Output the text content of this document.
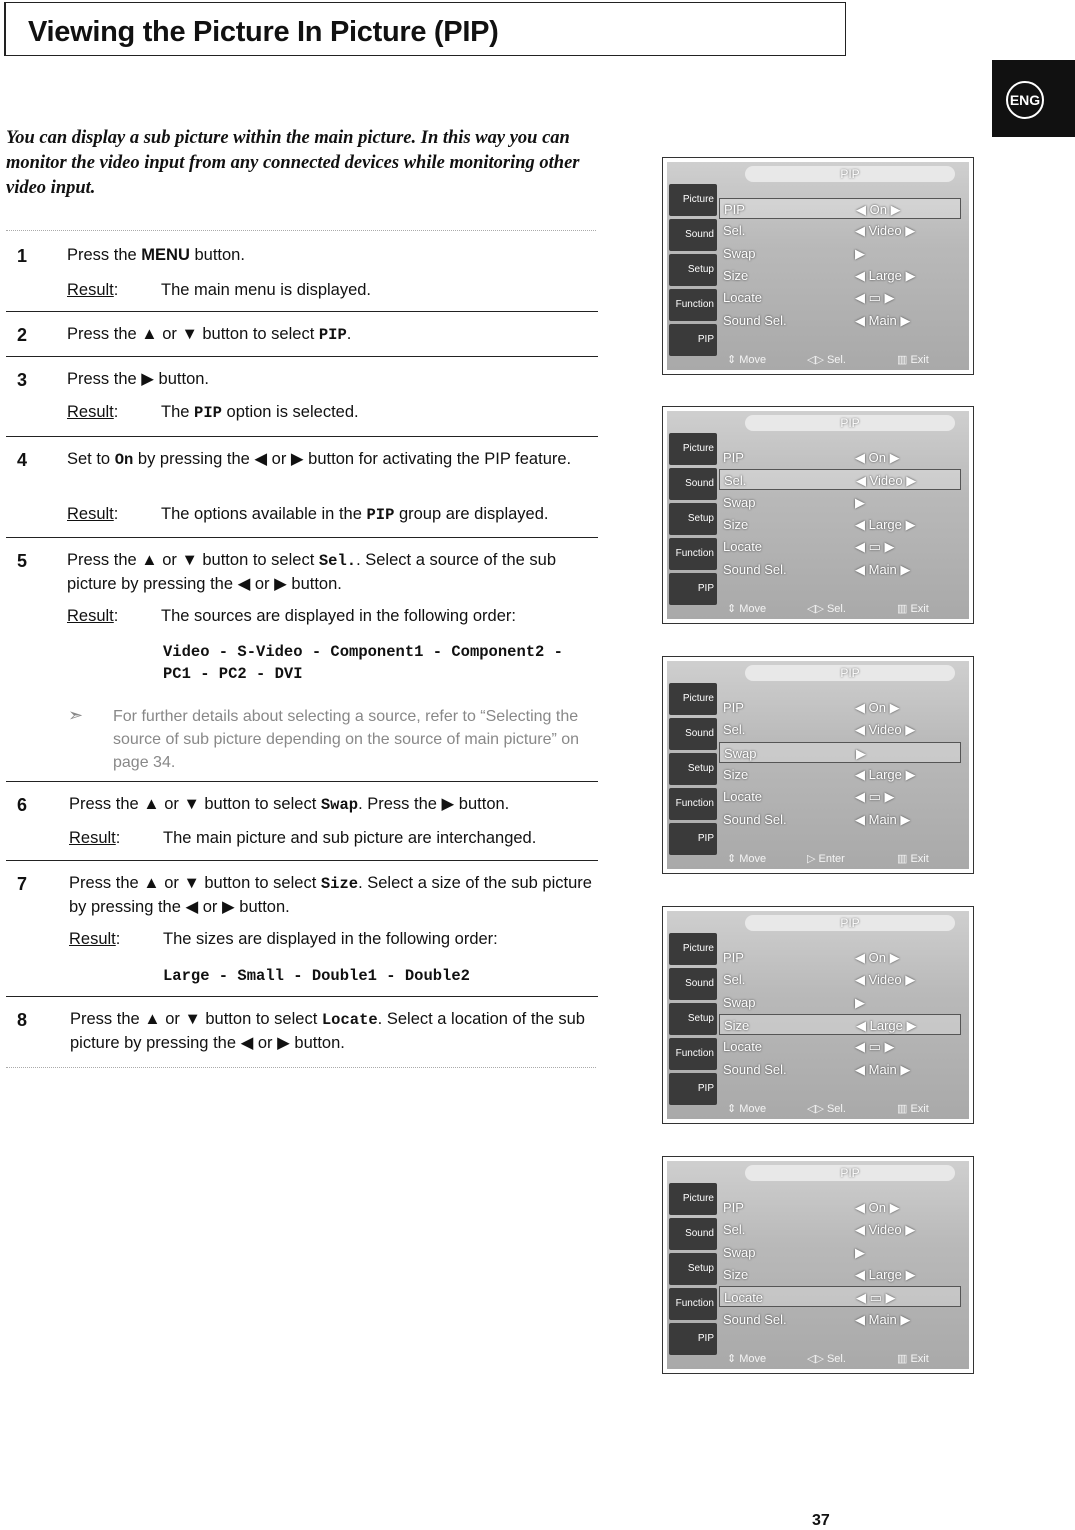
Viewing the Picture In Picture (PIP)
ENG
You can display a sub picture within the main picture. In this way you can monitor the video input from any connected devices while monitoring other video input.
1 Press the MENU button.
Result:	The main menu is displayed.
2 Press the ▲ or ▼ button to select PIP.
3 Press the ▶ button.
Result:	The PIP option is selected.
4 Set to On by pressing the ◀ or ▶ button for activating the PIP feature.
Result:	The options available in the PIP group are displayed.
5 Press the ▲ or ▼ button to select Sel.. Select a source of the sub picture by pressing the ◀ or ▶ button.
Result:	The sources are displayed in the following order:
Video - S-Video - Component1 - Component2 - PC1 - PC2 - DVI
➣ For further details about selecting a source, refer to “Selecting the source of sub picture depending on the source of main picture” on page 34.
6	Press the ▲ or ▼ button to select Swap. Press the ▶ button.
Result:	The main picture and sub picture are interchanged.
7	Press the ▲ or ▼ button to select Size. Select a size of the sub picture by pressing the ◀ or ▶ button.
Result:	The sizes are displayed in the following order:
Large - Small - Double1 - Double2
8	Press the ▲ or ▼ button to select Locate. Select a location of the sub picture by pressing the ◀ or ▶ button.
PIP
Picture
Sound
Setup
Function
PIP
PIP	◀ On ▶
Sel.	◀ Video ▶
Swap	▶
Size	◀ Large ▶
Locate	◀ ▭ ▶
Sound Sel.	◀ Main ▶
⇕ Move	◁▷ Sel.	▥ Exit
PIP
Picture
Sound
Setup
Function
PIP
PIP	◀ On ▶
Sel.	◀ Video ▶
Swap	▶
Size	◀ Large ▶
Locate	◀ ▭ ▶
Sound Sel.	◀ Main ▶
⇕ Move	◁▷ Sel.	▥ Exit
PIP
Picture
Sound
Setup
Function
PIP
PIP	◀ On ▶
Sel.	◀ Video ▶
Swap	▶
Size	◀ Large ▶
Locate	◀ ▭ ▶
Sound Sel.	◀ Main ▶
⇕ Move	▷ Enter	▥ Exit
PIP
Picture
Sound
Setup
Function
PIP
PIP	◀ On ▶
Sel.	◀ Video ▶
Swap	▶
Size	◀ Large ▶
Locate	◀ ▭ ▶
Sound Sel.	◀ Main ▶
⇕ Move	◁▷ Sel.	▥ Exit
PIP
Picture
Sound
Setup
Function
PIP
PIP	◀ On ▶
Sel.	◀ Video ▶
Swap	▶
Size	◀ Large ▶
Locate	◀ ▭ ▶
Sound Sel.	◀ Main ▶
⇕ Move	◁▷ Sel.	▥ Exit
37
